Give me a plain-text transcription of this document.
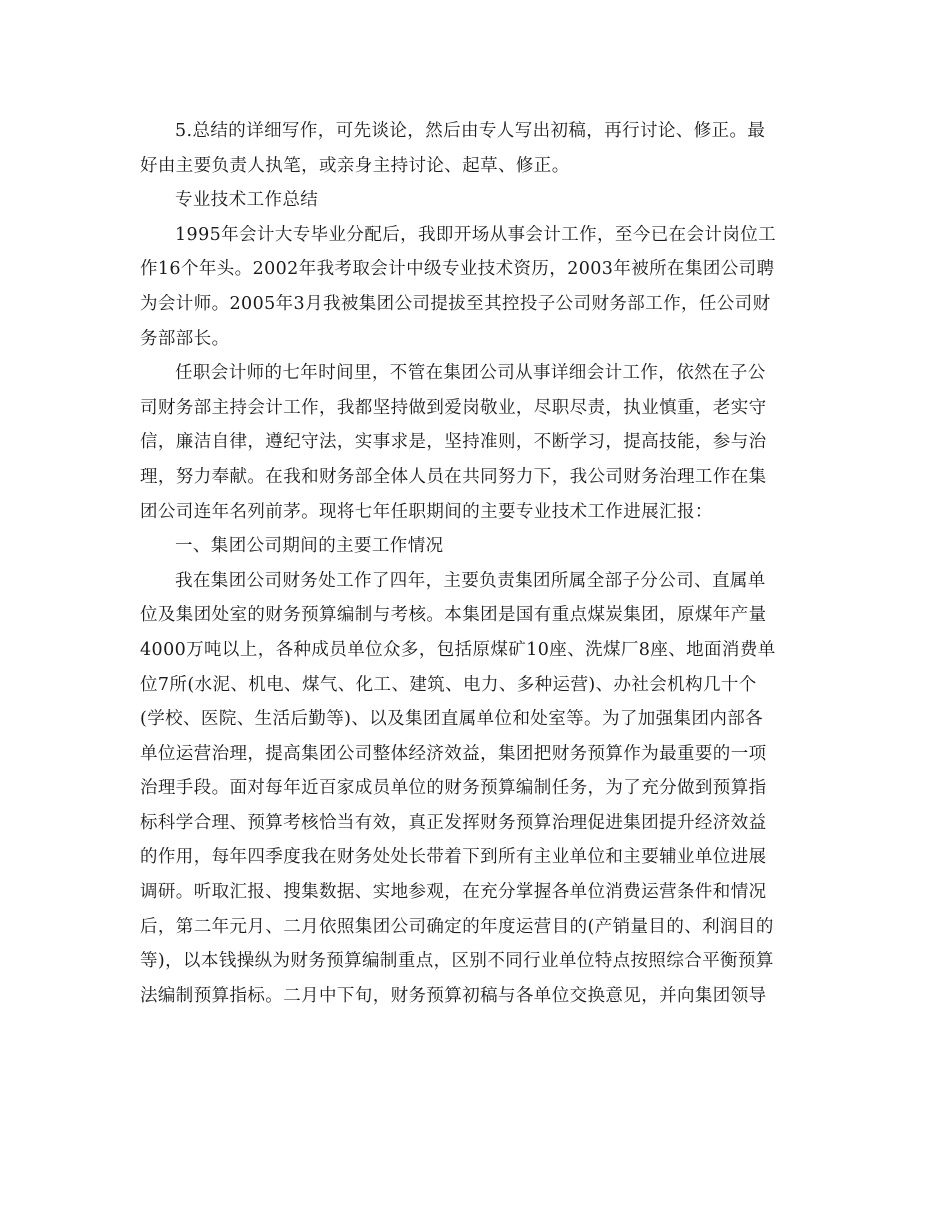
5.总结的详细写作，可先谈论，然后由专人写出初稿，再行讨论、修正。最
好由主要负责人执笔，或亲身主持讨论、起草、修正。
专业技术工作总结
1995年会计大专毕业分配后，我即开场从事会计工作，至今已在会计岗位工
作16个年头。2002年我考取会计中级专业技术资历，2003年被所在集团公司聘
为会计师。2005年3月我被集团公司提拔至其控投子公司财务部工作，任公司财
务部部长。
任职会计师的七年时间里，不管在集团公司从事详细会计工作，依然在子公
司财务部主持会计工作，我都坚持做到爱岗敬业，尽职尽责，执业慎重，老实守
信，廉洁自律，遵纪守法，实事求是，坚持准则，不断学习，提高技能，参与治
理，努力奉献。在我和财务部全体人员在共同努力下，我公司财务治理工作在集
团公司连年名列前茅。现将七年任职期间的主要专业技术工作进展汇报：
一、集团公司期间的主要工作情况
我在集团公司财务处工作了四年，主要负责集团所属全部子分公司、直属单
位及集团处室的财务预算编制与考核。本集团是国有重点煤炭集团，原煤年产量
4000万吨以上，各种成员单位众多，包括原煤矿10座、洗煤厂8座、地面消费单
位7所(水泥、机电、煤气、化工、建筑、电力、多种运营)、办社会机构几十个
(学校、医院、生活后勤等)、以及集团直属单位和处室等。为了加强集团内部各
单位运营治理，提高集团公司整体经济效益，集团把财务预算作为最重要的一项
治理手段。面对每年近百家成员单位的财务预算编制任务，为了充分做到预算指
标科学合理、预算考核恰当有效，真正发挥财务预算治理促进集团提升经济效益
的作用，每年四季度我在财务处处长带着下到所有主业单位和主要辅业单位进展
调研。听取汇报、搜集数据、实地参观，在充分掌握各单位消费运营条件和情况
后，第二年元月、二月依照集团公司确定的年度运营目的(产销量目的、利润目的
等)，以本钱操纵为财务预算编制重点，区别不同行业单位特点按照综合平衡预算
法编制预算指标。二月中下旬，财务预算初稿与各单位交换意见，并向集团领导
